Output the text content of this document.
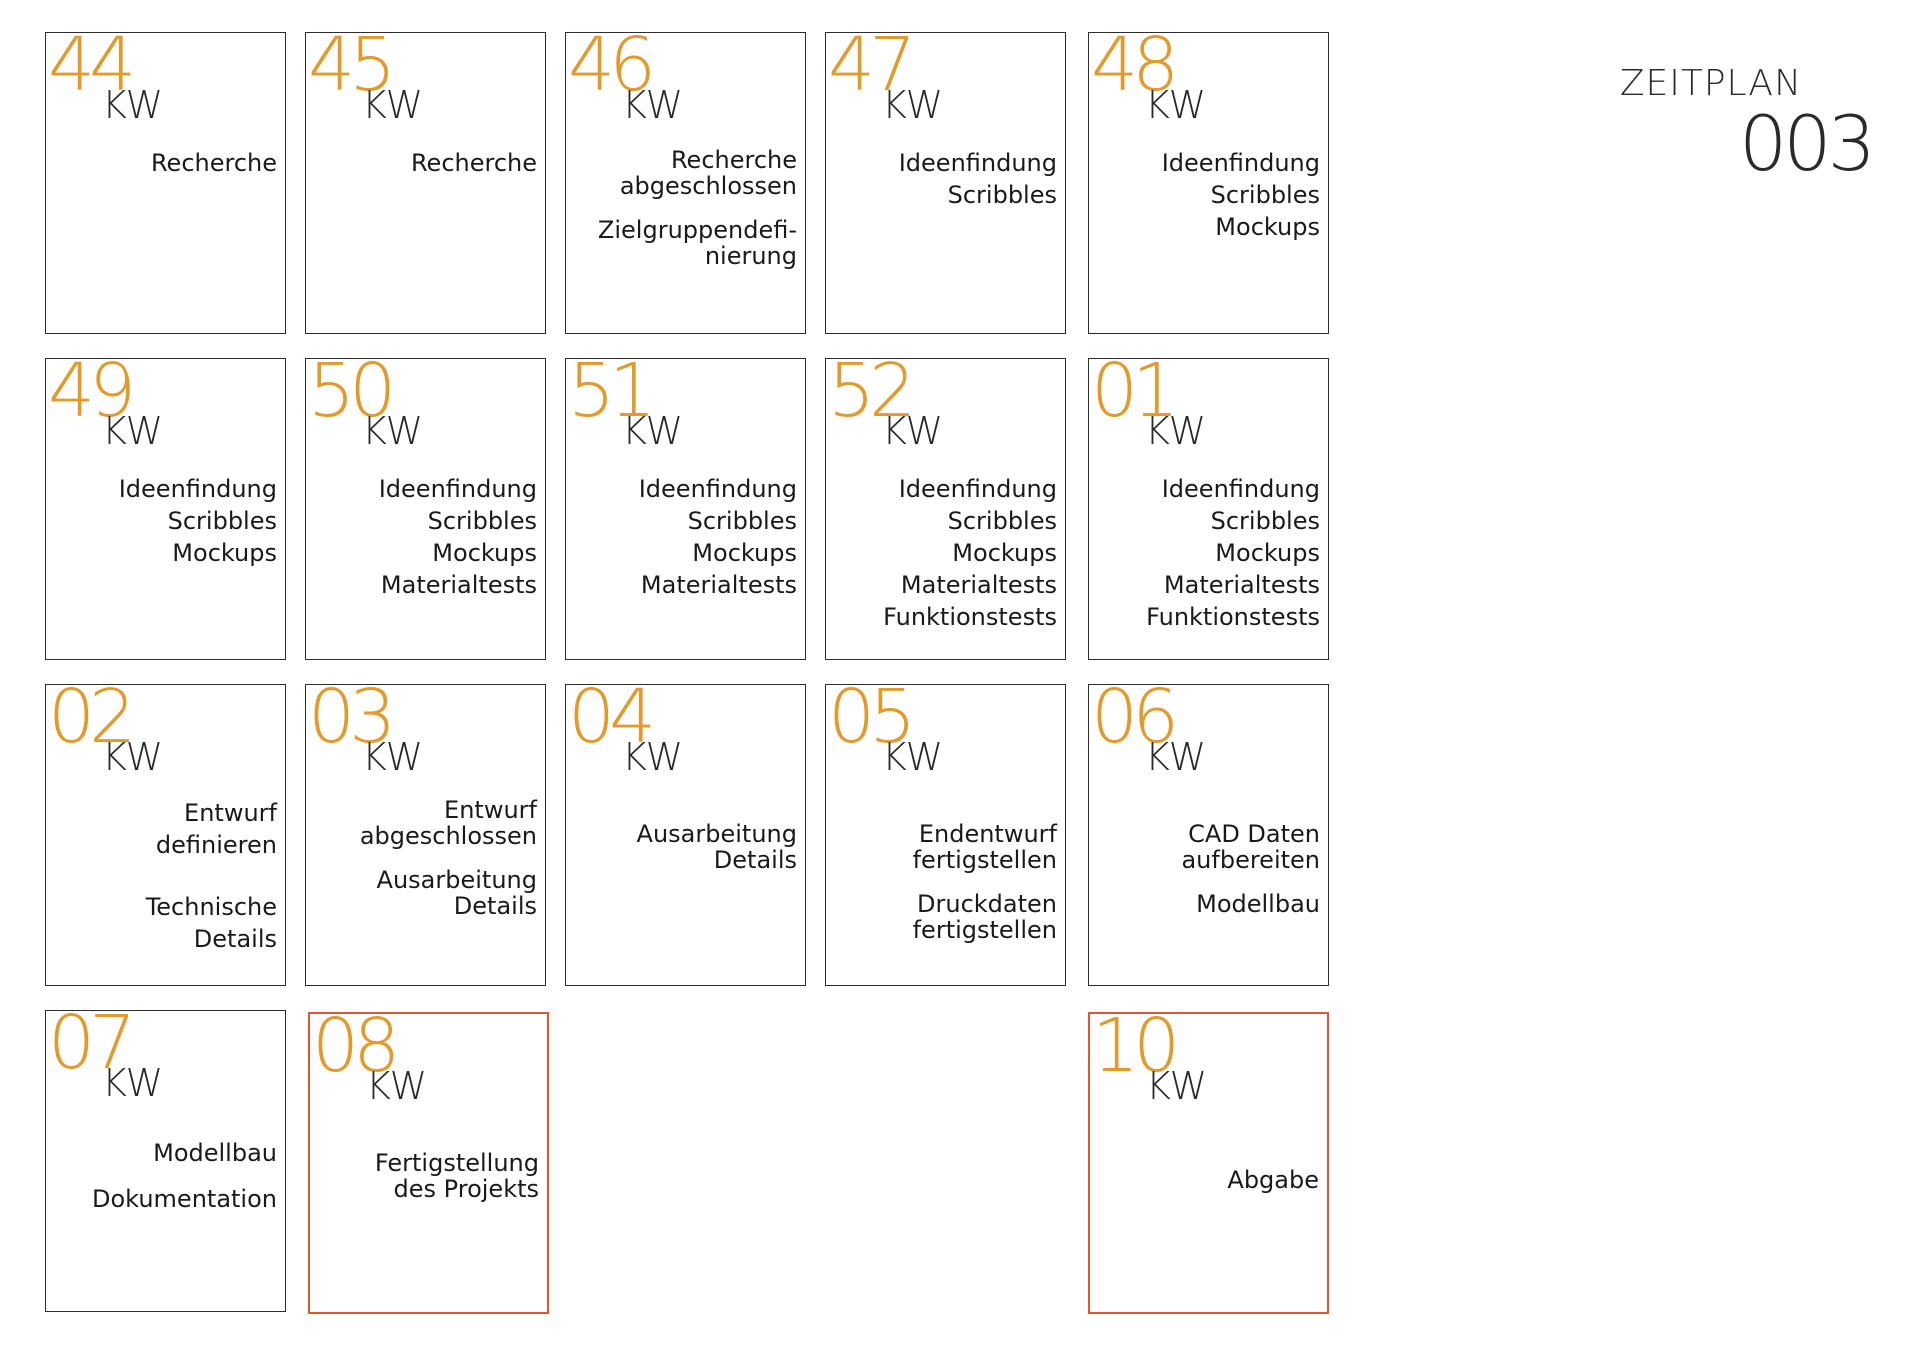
ZEITPLAN
003
44
KW
Recherche
45
KW
Recherche
46
KW
Recherche
abgeschlossen
Zielgruppendefi-
nierung
47
KW
Ideenfindung
Scribbles
48
KW
Ideenfindung
Scribbles
Mockups
49
KW
Ideenfindung
Scribbles
Mockups
50
KW
Ideenfindung
Scribbles
Mockups
Materialtests
51
KW
Ideenfindung
Scribbles
Mockups
Materialtests
52
KW
Ideenfindung
Scribbles
Mockups
Materialtests
Funktionstests
01
KW
Ideenfindung
Scribbles
Mockups
Materialtests
Funktionstests
02
KW
Entwurf
definieren
Technische
Details
03
KW
Entwurf
abgeschlossen
Ausarbeitung
Details
04
KW
Ausarbeitung
Details
05
KW
Endentwurf
fertigstellen
Druckdaten
fertigstellen
06
KW
CAD Daten
aufbereiten
Modellbau
07
KW
Modellbau
Dokumentation
08
KW
Fertigstellung
des Projekts
10
KW
Abgabe
